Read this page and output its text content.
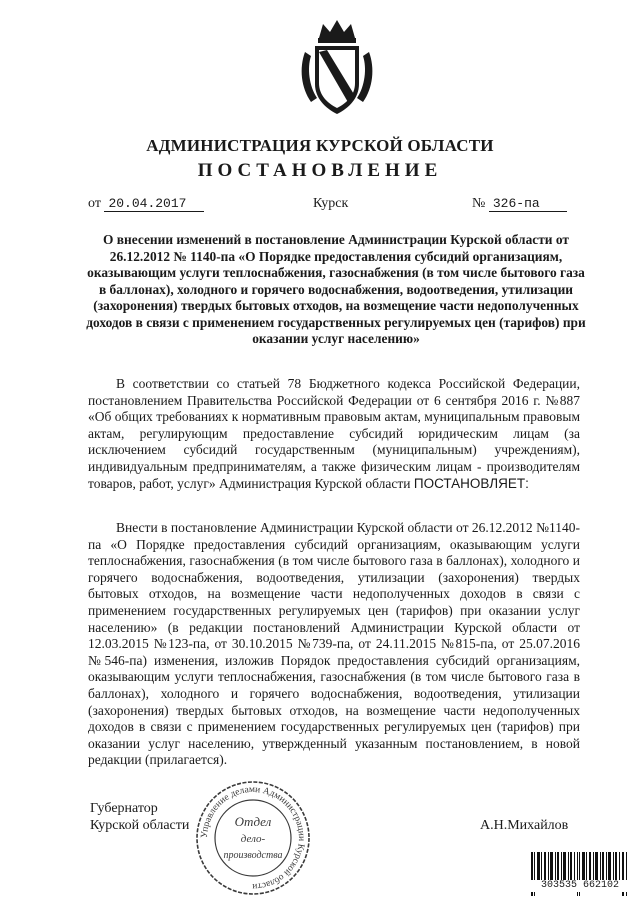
АДМИНИСТРАЦИЯ КУРСКОЙ ОБЛАСТИ
ПОСТАНОВЛЕНИЕ
от 20.04.2017	Курск	№ 326-па
О внесении изменений в постановление Администрации Курской области от 26.12.2012 № 1140-па «О Порядке предоставления субсидий организациям, оказывающим услуги теплоснабжения, газоснабжения (в том числе бытового газа в баллонах), холодного и горячего водоснабжения, водоотведения, утилизации (захоронения) твердых бытовых отходов, на возмещение части недополученных доходов в связи с применением государственных регулируемых цен (тарифов) при оказании услуг населению»
В соответствии со статьей 78 Бюджетного кодекса Российской Федерации, постановлением Правительства Российской Федерации от 6 сентября 2016 г. №887 «Об общих требованиях к нормативным правовым актам, муниципальным правовым актам, регулирующим предоставление субсидий юридическим лицам (за исключением субсидий государственным (муниципальным) учреждениям), индивидуальным предпринимателям, а также физическим лицам - производителям товаров, работ, услуг» Администрация Курской области ПОСТАНОВЛЯЕТ:
Внести в постановление Администрации Курской области от 26.12.2012 №1140-па «О Порядке предоставления субсидий организациям, оказывающим услуги теплоснабжения, газоснабжения (в том числе бытового газа в баллонах), холодного и горячего водоснабжения, водоотведения, утилизации (захоронения) твердых бытовых отходов, на возмещение части недополученных доходов в связи с применением государственных регулируемых цен (тарифов) при оказании услуг населению» (в редакции постановлений Администрации Курской области от 12.03.2015 №123-па, от 30.10.2015 №739-па, от 24.11.2015 №815-па, от 25.07.2016 №546-па) изменения, изложив Порядок предоставления субсидий организациям, оказывающим услуги теплоснабжения, газоснабжения (в том числе бытового газа в баллонах), холодного и горячего водоснабжения, водоотведения, утилизации (захоронения) твердых бытовых отходов, на возмещение части недополученных доходов в связи с применением государственных регулируемых цен (тарифов) при оказании услуг населению, утвержденный указанным постановлением, в новой редакции (прилагается).
Губернатор
Курской области
Управление делами Администрации Курской области
Отдел
дело-
производства
А.Н.Михайлов
303535 662102
